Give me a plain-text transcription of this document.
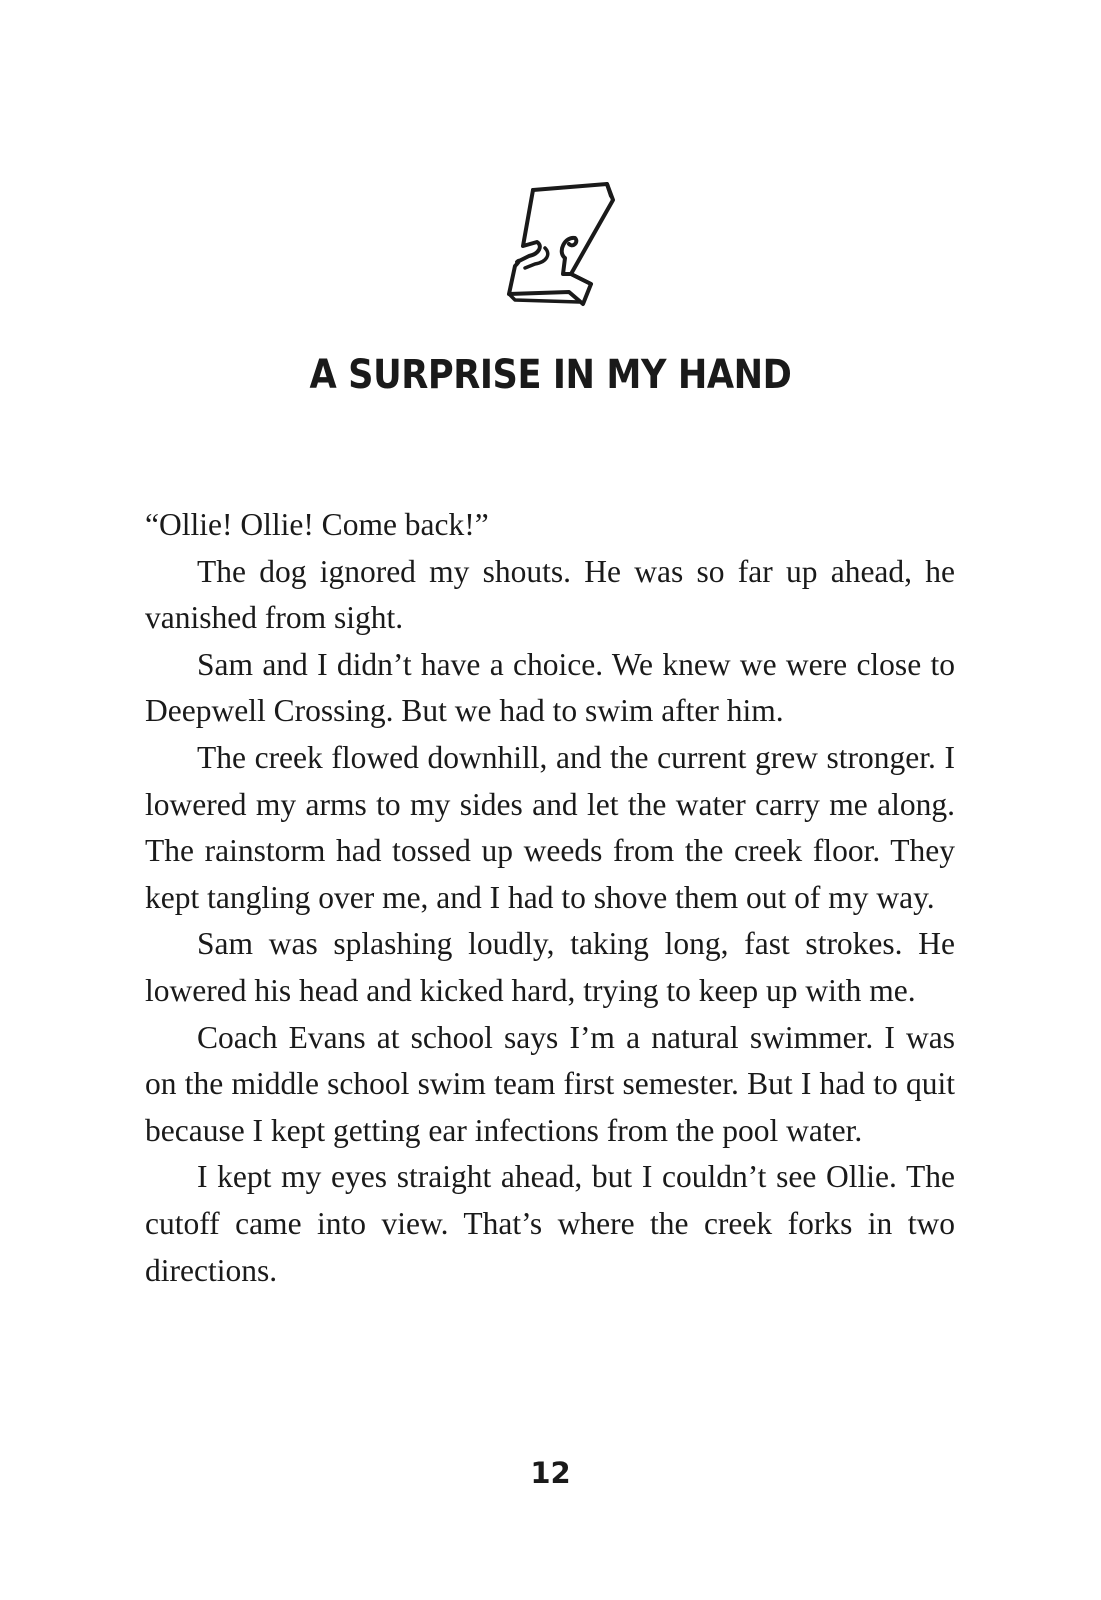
A SURPRISE IN MY HAND

“Ollie! Ollie! Come back!”

The dog ignored my shouts. He was so far up ahead, he vanished from sight.

Sam and I didn’t have a choice. We knew we were close to Deepwell Crossing. But we had to swim after him.

The creek flowed downhill, and the current grew stronger. I lowered my arms to my sides and let the water carry me along. The rainstorm had tossed up weeds from the creek floor. They kept tangling over me, and I had to shove them out of my way.

Sam was splashing loudly, taking long, fast strokes. He lowered his head and kicked hard, trying to keep up with me.

Coach Evans at school says I’m a natural swimmer. I was on the middle school swim team first semester. But I had to quit because I kept getting ear infections from the pool water.

I kept my eyes straight ahead, but I couldn’t see Ollie. The cutoff came into view. That’s where the creek forks in two directions.

12
